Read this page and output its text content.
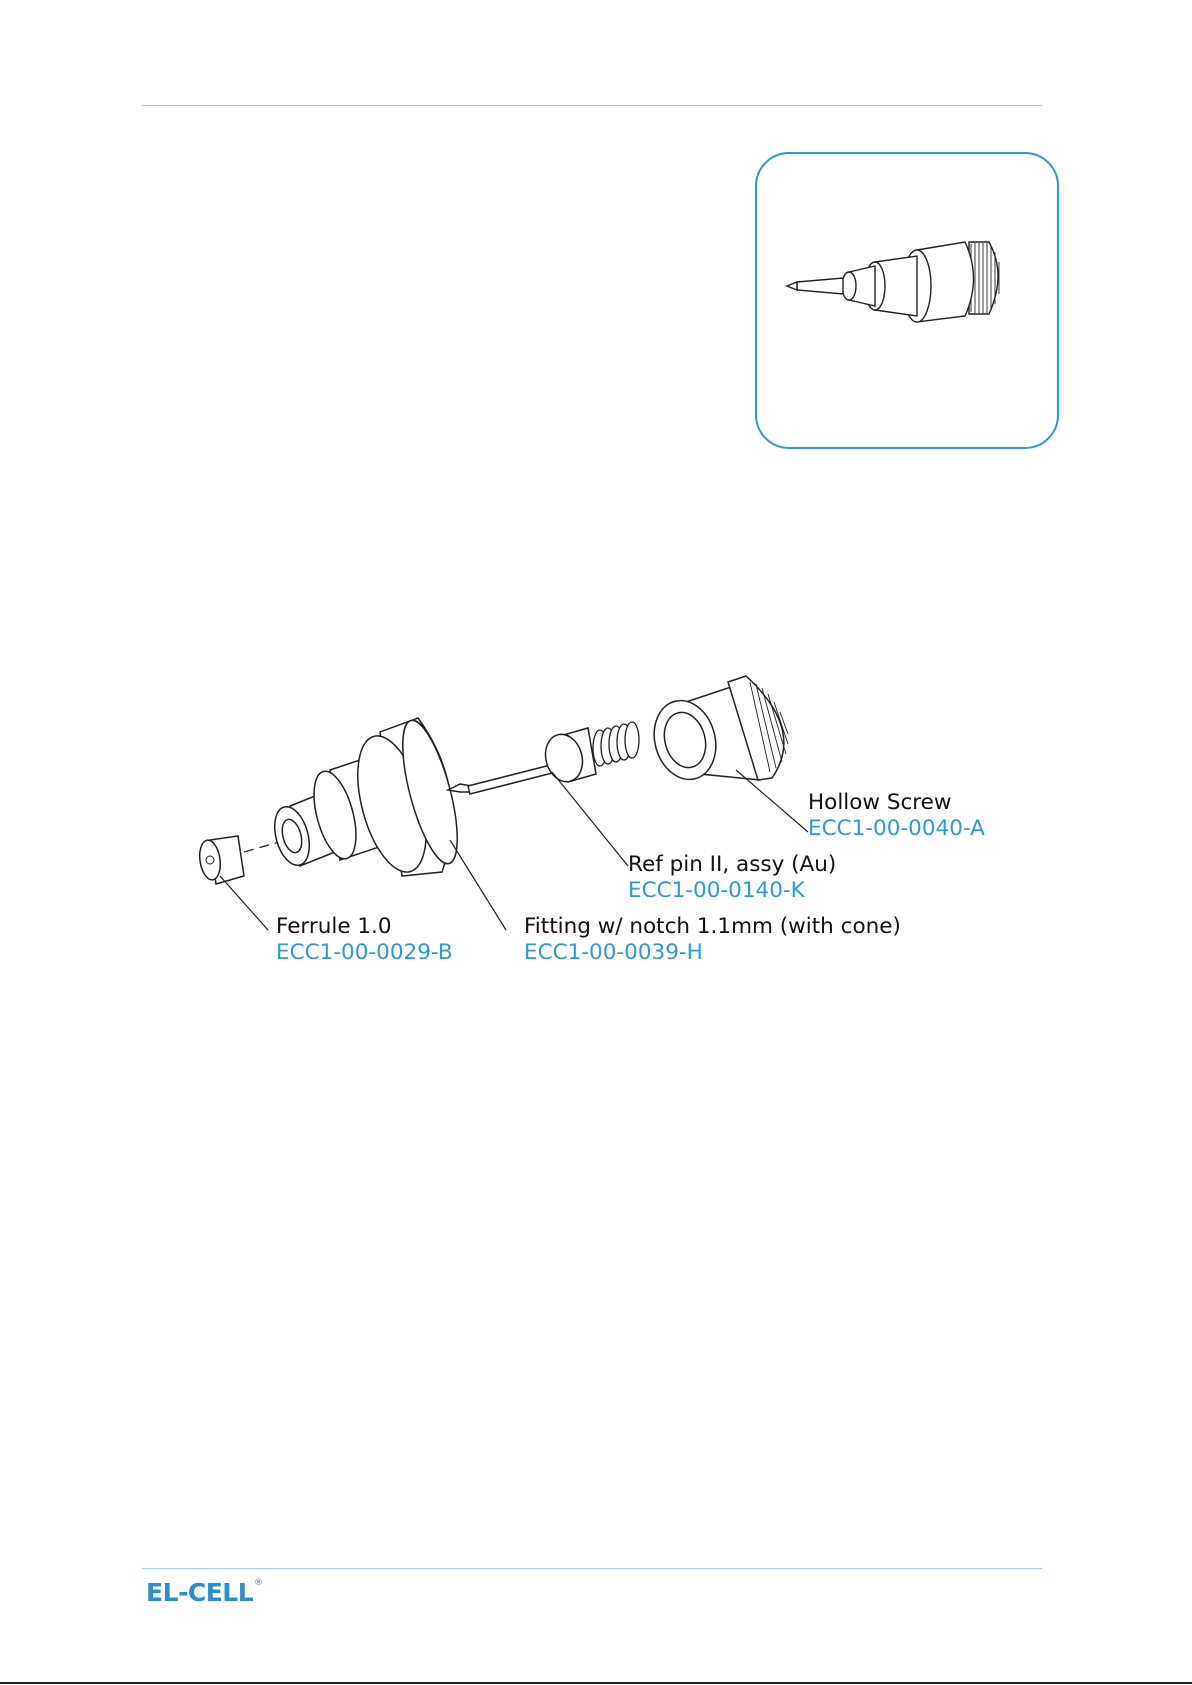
Hollow Screw
ECC1-00-0040-A
Ref pin II, assy (Au)
ECC1-00-0140-K
Ferrule 1.0
ECC1-00-0029-B
Fitting w/ notch 1.1mm (with cone)
ECC1-00-0039-H
EL-CELL ®
